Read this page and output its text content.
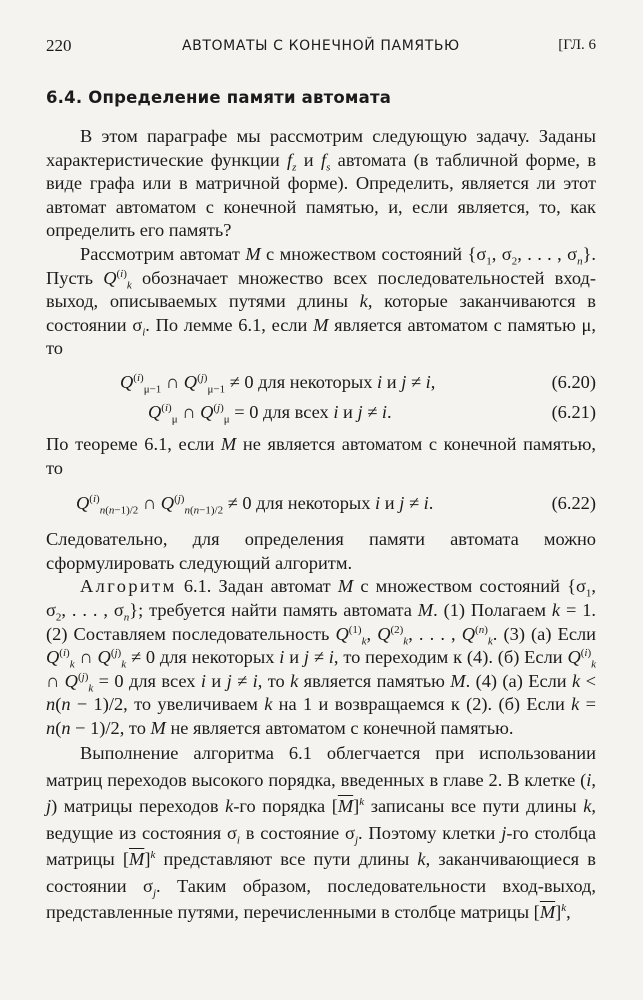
220	АВТОМАТЫ С КОНЕЧНОЙ ПАМЯТЬЮ	[ГЛ. 6
6.4. Определение памяти автомата

В этом параграфе мы рассмотрим следующую задачу. Заданы характеристические функции $f_z$ и $f_s$ автомата (в табличной форме, в виде графа или в матричной форме). Определить, является ли этот автомат автоматом с конечной памятью, и, если является, то, как определить его память?

Рассмотрим автомат M с множеством состояний {$\sigma_1$, $\sigma_2$, . . . , $\sigma_n$}. Пусть $Q^{(i)}_k$ обозначает множество всех последовательностей вход-выход, описываемых путями длины k, которые заканчиваются в состоянии $\sigma_i$. По лемме 6.1, если M является автоматом с памятью μ, то

$Q^{(i)}_{\mu-1}$ ∩ $Q^{(j)}_{\mu-1} \ne 0$ для некоторых i и j ≠ i,	(6.20)
$Q^{(i)}_\mu$ ∩ $Q^{(j)}_\mu = 0$ для всех i и j ≠ i.	(6.21)

По теореме 6.1, если M не является автоматом с конечной памятью, то

$Q^{(i)}_{n(n-1)/2}$ ∩ $Q^{(j)}_{n(n-1)/2} \ne 0$ для некоторых i и j ≠ i.	(6.22)

Следовательно, для определения памяти автомата можно сформулировать следующий алгоритм.

Алгоритм 6.1. Задан автомат M с множеством состояний {$\sigma_1$, $\sigma_2$, . . . , $\sigma_n$}; требуется найти память автомата M. (1) Полагаем k = 1. (2) Составляем последовательность $Q^{(1)}_k$, $Q^{(2)}_k$, . . . , $Q^{(n)}_k$. (3) (а) Если $Q^{(i)}_k$ ∩ $Q^{(j)}_k \ne 0$ для некоторых i и j ≠ i, то переходим к (4). (б) Если $Q^{(i)}_k$ ∩ $Q^{(j)}_k = 0$ для всех i и j ≠ i, то k является памятью M. (4) (а) Если k < n(n − 1)/2, то увеличиваем k на 1 и возвращаемся к (2). (б) Если k = n(n − 1)/2, то M не является автоматом с конечной памятью.

Выполнение алгоритма 6.1 облегчается при использовании матриц переходов высокого порядка, введенных в главе 2. В клетке (i, j) матрицы переходов k-го порядка $[\overline{M}]^k$ записаны все пути длины k, ведущие из состояния $\sigma_i$ в состояние $\sigma_j$. Поэтому клетки j-го столбца матрицы $[\overline{M}]^k$ представляют все пути длины k, заканчивающиеся в состоянии $\sigma_j$. Таким образом, последовательности вход-выход, представленные путями, перечисленными в столбце матрицы $[\overline{M}]^k$,
